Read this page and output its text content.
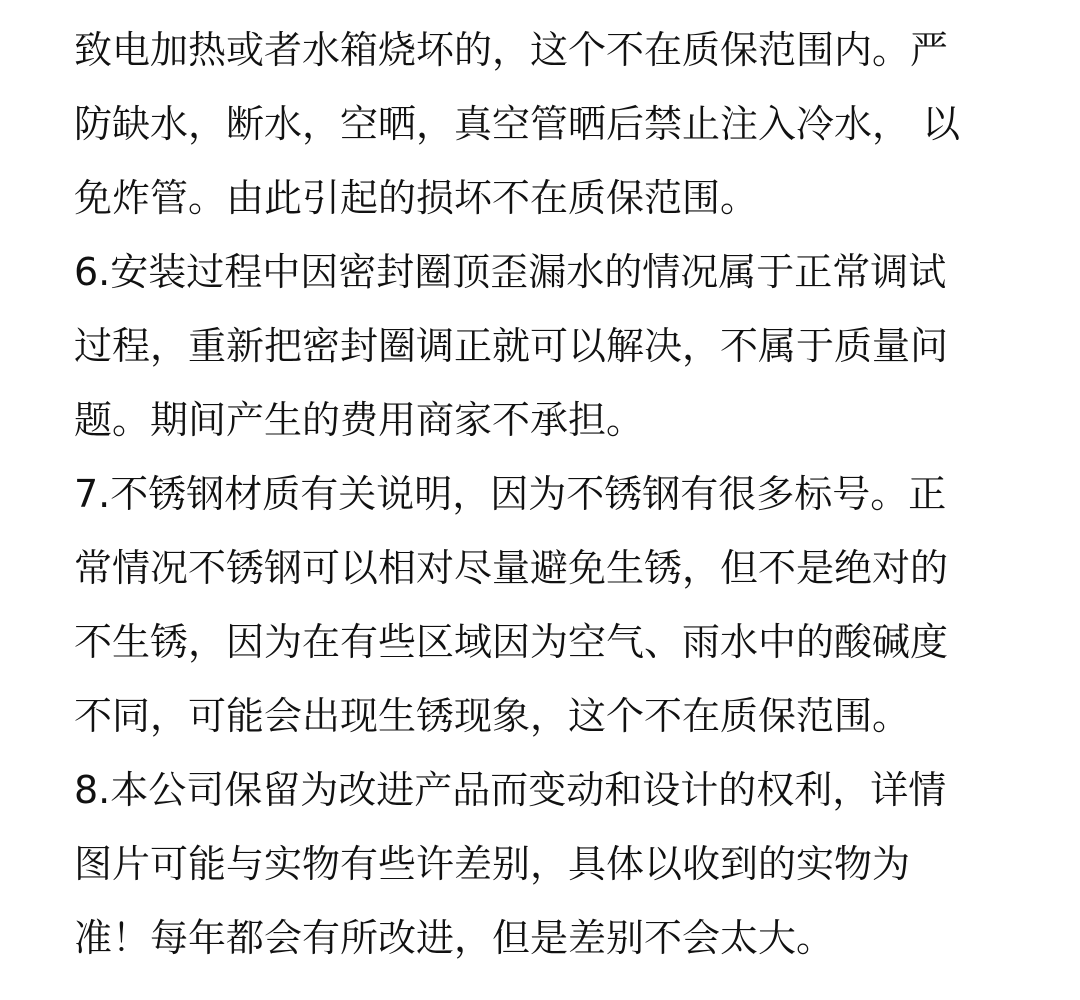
致电加热或者水箱烧坏的，这个不在质保范围内。严
防缺水，断水，空晒，真空管晒后禁止注入冷水， 以
免炸管。由此引起的损坏不在质保范围。
6.安装过程中因密封圈顶歪漏水的情况属于正常调试
过程，重新把密封圈调正就可以解决，不属于质量问
题。期间产生的费用商家不承担。
7.不锈钢材质有关说明，因为不锈钢有很多标号。正
常情况不锈钢可以相对尽量避免生锈，但不是绝对的
不生锈，因为在有些区域因为空气、雨水中的酸碱度
不同，可能会出现生锈现象，这个不在质保范围。
8.本公司保留为改进产品而变动和设计的权利，详情
图片可能与实物有些许差别，具体以收到的实物为
准！每年都会有所改进，但是差别不会太大。
